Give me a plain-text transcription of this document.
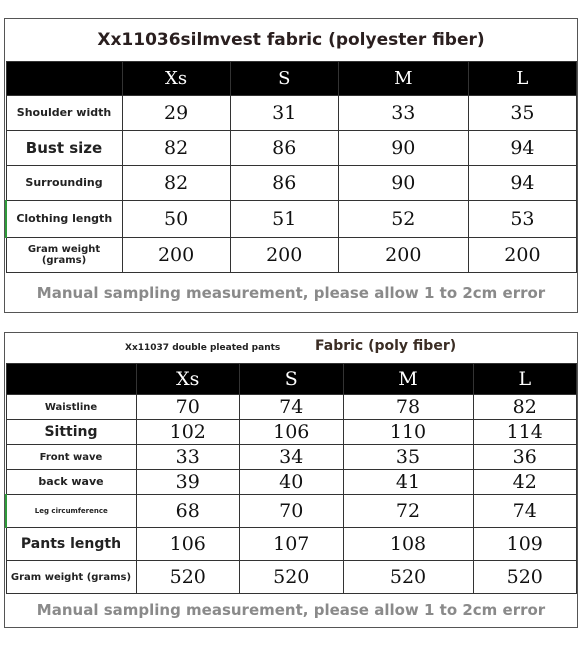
Xx11036silmvest fabric (polyester fiber)
	Xs	S	M	L
Shoulder width	29	31	33	35
Bust size	82	86	90	94
Surrounding	82	86	90	94
Clothing length	50	51	52	53
Gram weight (grams)	200	200	200	200
Manual sampling measurement, please allow 1 to 2cm error
Xx11037 double pleated pants Fabric (poly fiber)
	Xs	S	M	L
Waistline	70	74	78	82
Sitting	102	106	110	114
Front wave	33	34	35	36
back wave	39	40	41	42
Leg circumference	68	70	72	74
Pants length	106	107	108	109
Gram weight (grams)	520	520	520	520
Manual sampling measurement, please allow 1 to 2cm error
